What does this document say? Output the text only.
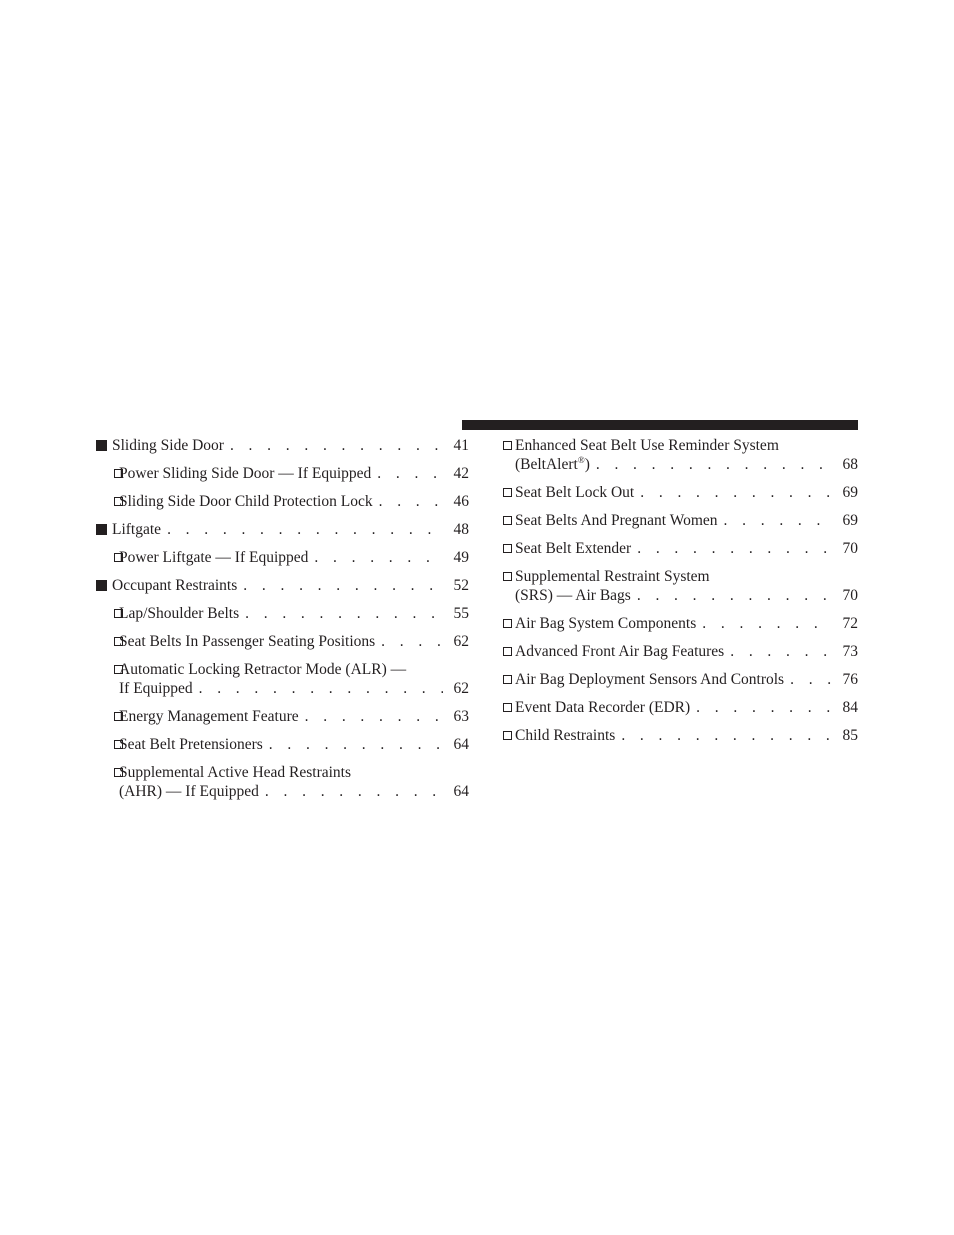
Sliding Side Door . . .	41
Power Sliding Side Door — If Equipped . . .	42
Sliding Side Door Child Protection Lock . . .	46
Liftgate . . .	48
Power Liftgate — If Equipped . . .	49
Occupant Restraints . . .	52
Lap/Shoulder Belts . . .	55
Seat Belts In Passenger Seating Positions . . .	62
Automatic Locking Retractor Mode (ALR) —
If Equipped . . .	62
Energy Management Feature . . .	63
Seat Belt Pretensioners . . .	64
Supplemental Active Head Restraints
(AHR) — If Equipped . . .	64
Enhanced Seat Belt Use Reminder System
(BeltAlert®) . . .	68
Seat Belt Lock Out . . .	69
Seat Belts And Pregnant Women . . .	69
Seat Belt Extender . . .	70
Supplemental Restraint System
(SRS) — Air Bags . . .	70
Air Bag System Components . . .	72
Advanced Front Air Bag Features . . .	73
Air Bag Deployment Sensors And Controls . . .	76
Event Data Recorder (EDR) . . .	84
Child Restraints . . .	85
